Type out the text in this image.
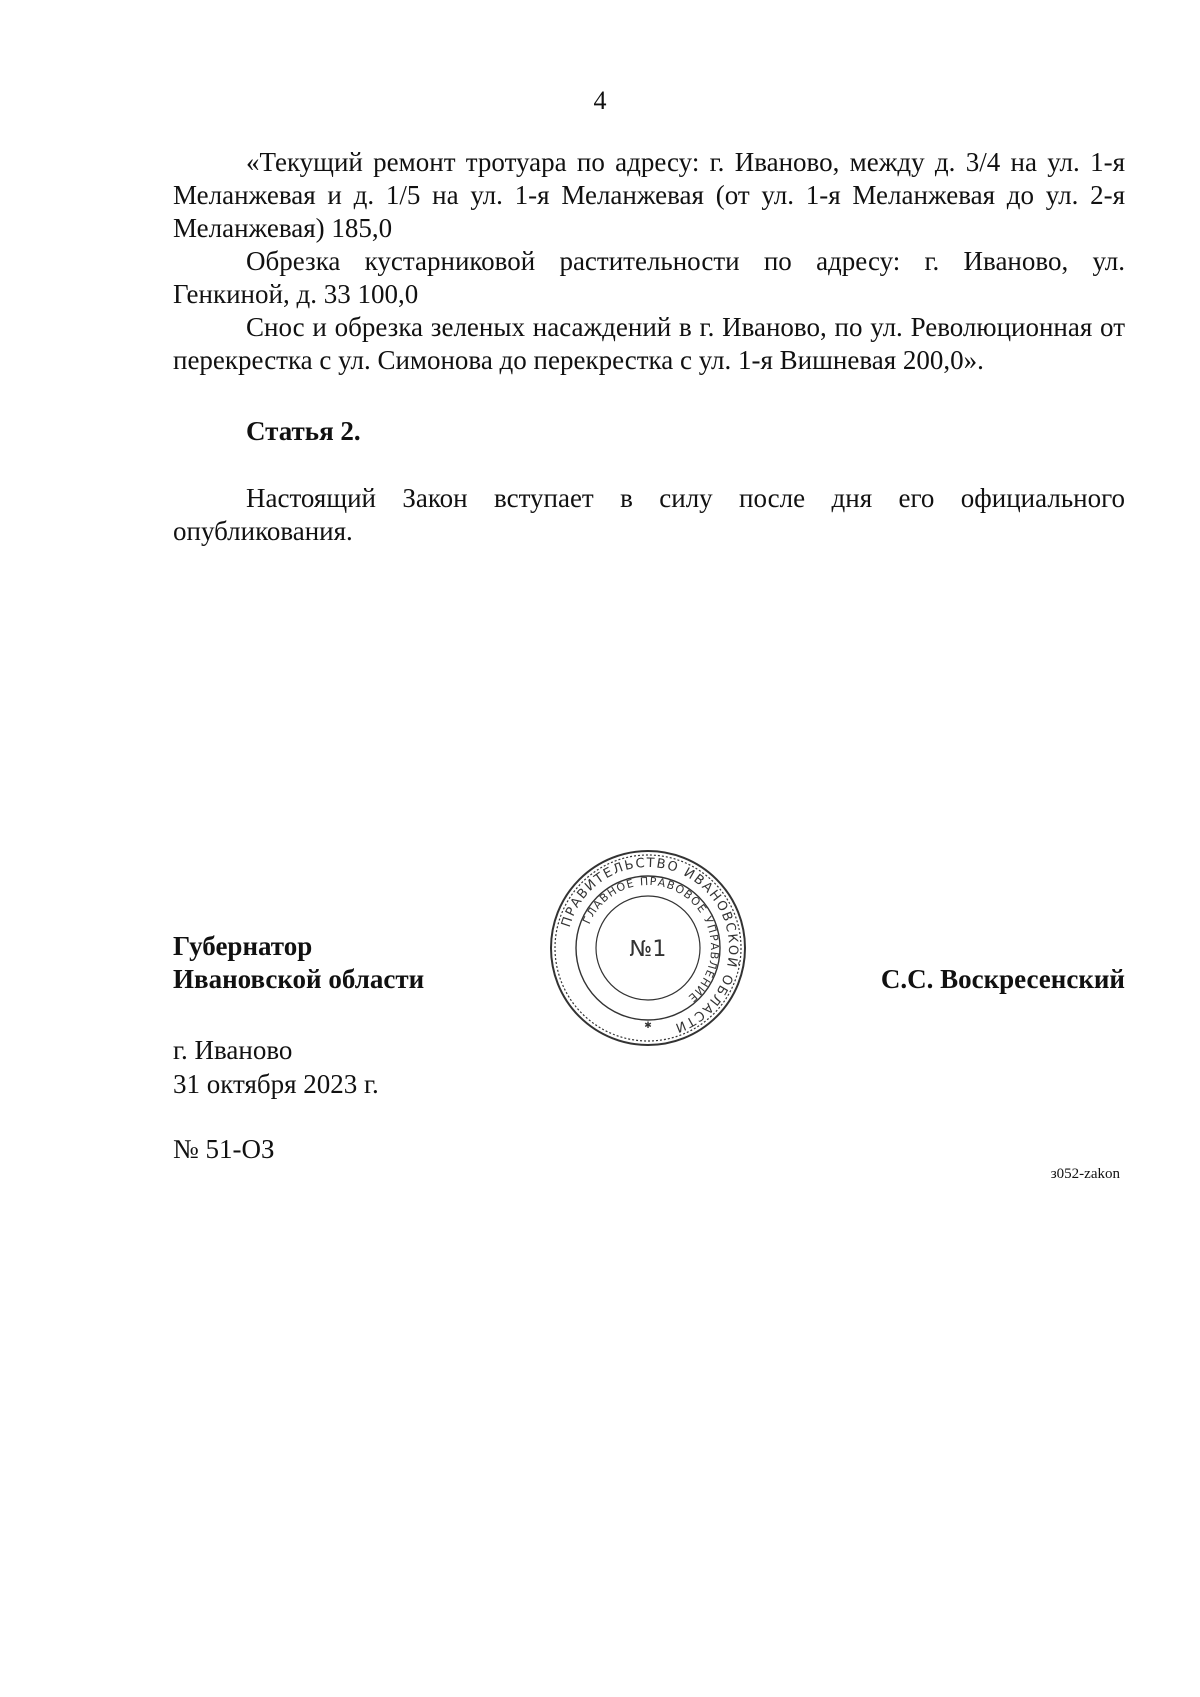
4

«Текущий ремонт тротуара по адресу: г. Иваново, между д. 3/4 на ул. 1-я Меланжевая и д. 1/5 на ул. 1-я Меланжевая (от ул. 1-я Меланжевая до ул. 2-я Меланжевая) 185,0

Обрезка кустарниковой растительности по адресу: г. Иваново, ул. Генкиной, д. 33 100,0

Снос и обрезка зеленых насаждений в г. Иваново, по ул. Революционная от перекрестка с ул. Симонова до перекрестка с ул. 1-я Вишневая 200,0».

Статья 2.

Настоящий Закон вступает в силу после дня его официального опубликования.

Губернатор
Ивановской области
ПРАВИТЕЛЬСТВО ИВАНОВСКОЙ ОБЛАСТИ
ГЛАВНОЕ ПРАВОВОЕ УПРАВЛЕНИЕ
№1
✱
С.С. Воскресенский
г. Иваново
31 октября 2023 г.
№ 51-ОЗ
з052-zakon
